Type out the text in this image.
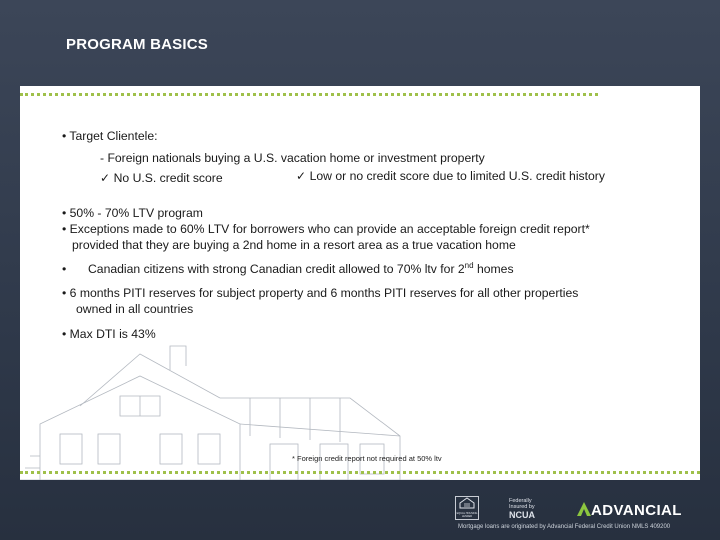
PROGRAM BASICS
• Target Clientele:
- Foreign nationals buying a U.S. vacation home or investment property
✓ No U.S. credit score	✓ Low or no credit score due to limited U.S. credit history
• 50% - 70% LTV program
• Exceptions made to 60% LTV for borrowers who can provide an acceptable foreign credit report*
provided that they are buying a 2nd home in a resort area as a true vacation home
• Canadian citizens with strong Canadian credit allowed to 70% ltv for 2nd homes
• 6 months PITI reserves for subject property and 6 months PITI reserves for all other properties
owned in all countries
• Max DTI is 43%
* Foreign credit report not required at 50% ltv
EQUAL HOUSING LENDER
Federally
Insured by
NCUA	ADVANCIAL
Mortgage loans are originated by Advancial Federal Credit Union NMLS 409200
